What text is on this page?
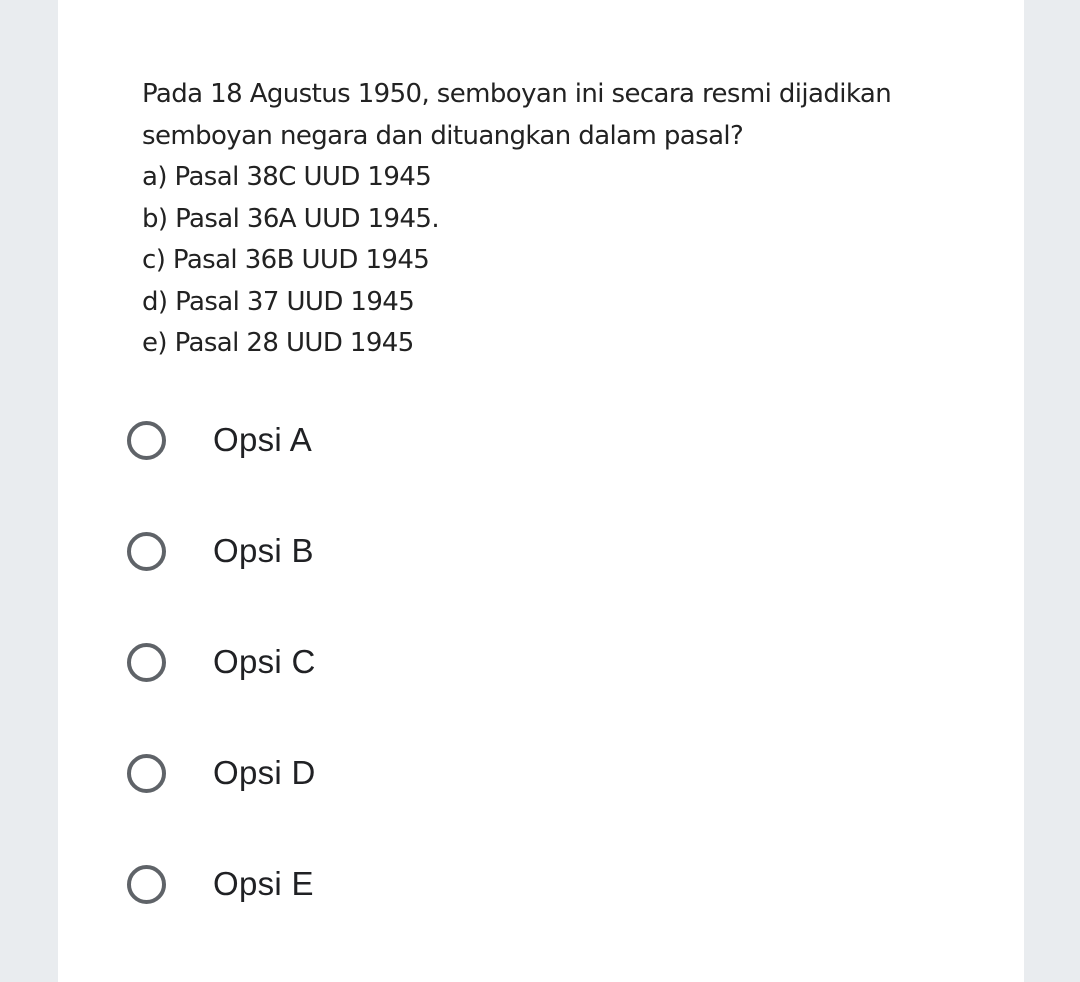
Pada 18 Agustus 1950, semboyan ini secara resmi dijadikan
semboyan negara dan dituangkan dalam pasal?
a) Pasal 38C UUD 1945
b) Pasal 36A UUD 1945.
c) Pasal 36B UUD 1945
d) Pasal 37 UUD 1945
e) Pasal 28 UUD 1945
Opsi A
Opsi B
Opsi C
Opsi D
Opsi E
